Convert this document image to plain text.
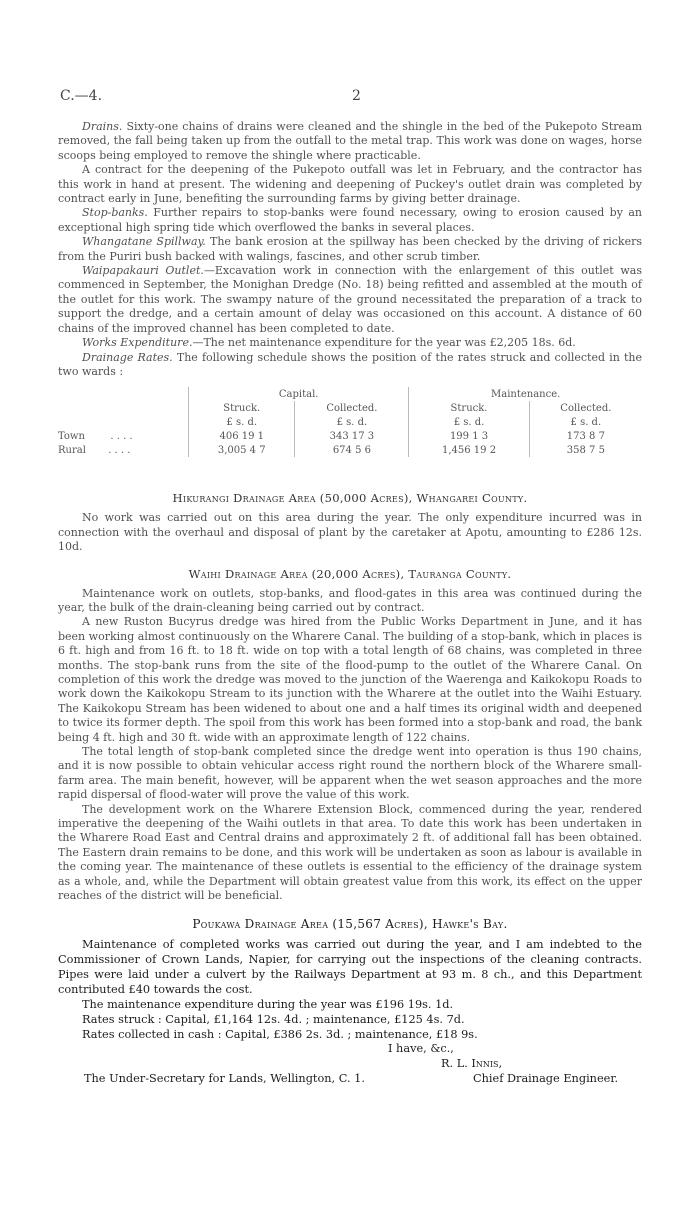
C.—4.	2

Drains. Sixty-one chains of drains were cleaned and the shingle in the bed of the Pukepoto Stream removed, the fall being taken up from the outfall to the metal trap. This work was done on wages, horse scoops being employed to remove the shingle where practicable.

A contract for the deepening of the Pukepoto outfall was let in February, and the contractor has this work in hand at present. The widening and deepening of Puckey's outlet drain was completed by contract early in June, benefiting the surrounding farms by giving better drainage.

Stop-banks. Further repairs to stop-banks were found necessary, owing to erosion caused by an exceptional high spring tide which overflowed the banks in several places.

Whangatane Spillway. The bank erosion at the spillway has been checked by the driving of rickers from the Puriri bush backed with walings, fascines, and other scrub timber.

Waipapakauri Outlet.—Excavation work in connection with the enlargement of this outlet was commenced in September, the Monighan Dredge (No. 18) being refitted and assembled at the mouth of the outlet for this work. The swampy nature of the ground necessitated the preparation of a track to support the dredge, and a certain amount of delay was occasioned on this account. A distance of 60 chains of the improved channel has been completed to date.

Works Expenditure.—The net maintenance expenditure for the year was £2,205 18s. 6d.

Drainage Rates. The following schedule shows the position of the rates struck and collected in the two wards :

	Capital.		Maintenance.	
	Struck.	Collected.	Struck.	Collected.
	£ s. d.	£ s. d.	£ s. d.	£ s. d.
Town . . . .	406 19 1	343 17 3	199 1 3	173 8 7
Rural . . . .	3,005 4 7	674 5 6	1,456 19 2	358 7 5
Hikurangi Drainage Area (50,000 Acres), Whangarei County.

No work was carried out on this area during the year. The only expenditure incurred was in connection with the overhaul and disposal of plant by the caretaker at Apotu, amounting to £286 12s. 10d.

Waihi Drainage Area (20,000 Acres), Tauranga County.

Maintenance work on outlets, stop-banks, and flood-gates in this area was continued during the year, the bulk of the drain-cleaning being carried out by contract.

A new Ruston Bucyrus dredge was hired from the Public Works Department in June, and it has been working almost continuously on the Wharere Canal. The building of a stop-bank, which in places is 6 ft. high and from 16 ft. to 18 ft. wide on top with a total length of 68 chains, was completed in three months. The stop-bank runs from the site of the flood-pump to the outlet of the Wharere Canal. On completion of this work the dredge was moved to the junction of the Waerenga and Kaikokopu Roads to work down the Kaikokopu Stream to its junction with the Wharere at the outlet into the Waihi Estuary. The Kaikokopu Stream has been widened to about one and a half times its original width and deepened to twice its former depth. The spoil from this work has been formed into a stop-bank and road, the bank being 4 ft. high and 30 ft. wide with an approximate length of 122 chains.

The total length of stop-bank completed since the dredge went into operation is thus 190 chains, and it is now possible to obtain vehicular access right round the northern block of the Wharere small-farm area. The main benefit, however, will be apparent when the wet season approaches and the more rapid dispersal of flood-water will prove the value of this work.

The development work on the Wharere Extension Block, commenced during the year, rendered imperative the deepening of the Waihi outlets in that area. To date this work has been undertaken in the Wharere Road East and Central drains and approximately 2 ft. of additional fall has been obtained. The Eastern drain remains to be done, and this work will be undertaken as soon as labour is available in the coming year. The maintenance of these outlets is essential to the efficiency of the drainage system as a whole, and, while the Department will obtain greatest value from this work, its effect on the upper reaches of the district will be beneficial.

Poukawa Drainage Area (15,567 Acres), Hawke's Bay.

Maintenance of completed works was carried out during the year, and I am indebted to the Commissioner of Crown Lands, Napier, for carrying out the inspections of the cleaning contracts. Pipes were laid under a culvert by the Railways Department at 93 m. 8 ch., and this Department contributed £40 towards the cost.

The maintenance expenditure during the year was £196 19s. 1d.
Rates struck : Capital, £1,164 12s. 4d. ; maintenance, £125 4s. 7d.
Rates collected in cash : Capital, £386 2s. 3d. ; maintenance, £18 9s.
I have, &c.,
R. L. Innis,
Chief Drainage Engineer.
The Under-Secretary for Lands, Wellington, C. 1.
